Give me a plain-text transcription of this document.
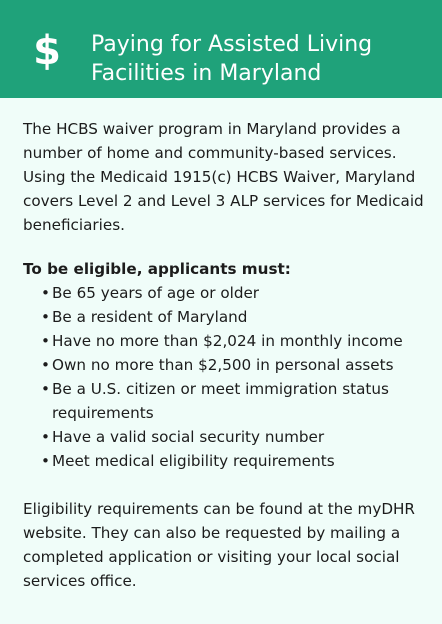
$ Paying for Assisted Living
Facilities in Maryland

The HCBS waiver program in Maryland provides a number of home and community-based services. Using the Medicaid 1915(c) HCBS Waiver, Maryland covers Level 2 and Level 3 ALP services for Medicaid beneficiaries.

To be eligible, applicants must:

• Be 65 years of age or older
• Be a resident of Maryland
• Have no more than $2,024 in monthly income
• Own no more than $2,500 in personal assets
• Be a U.S. citizen or meet immigration status requirements
• Have a valid social security number
• Meet medical eligibility requirements

Eligibility requirements can be found at the myDHR website. They can also be requested by mailing a completed application or visiting your local social services office.
